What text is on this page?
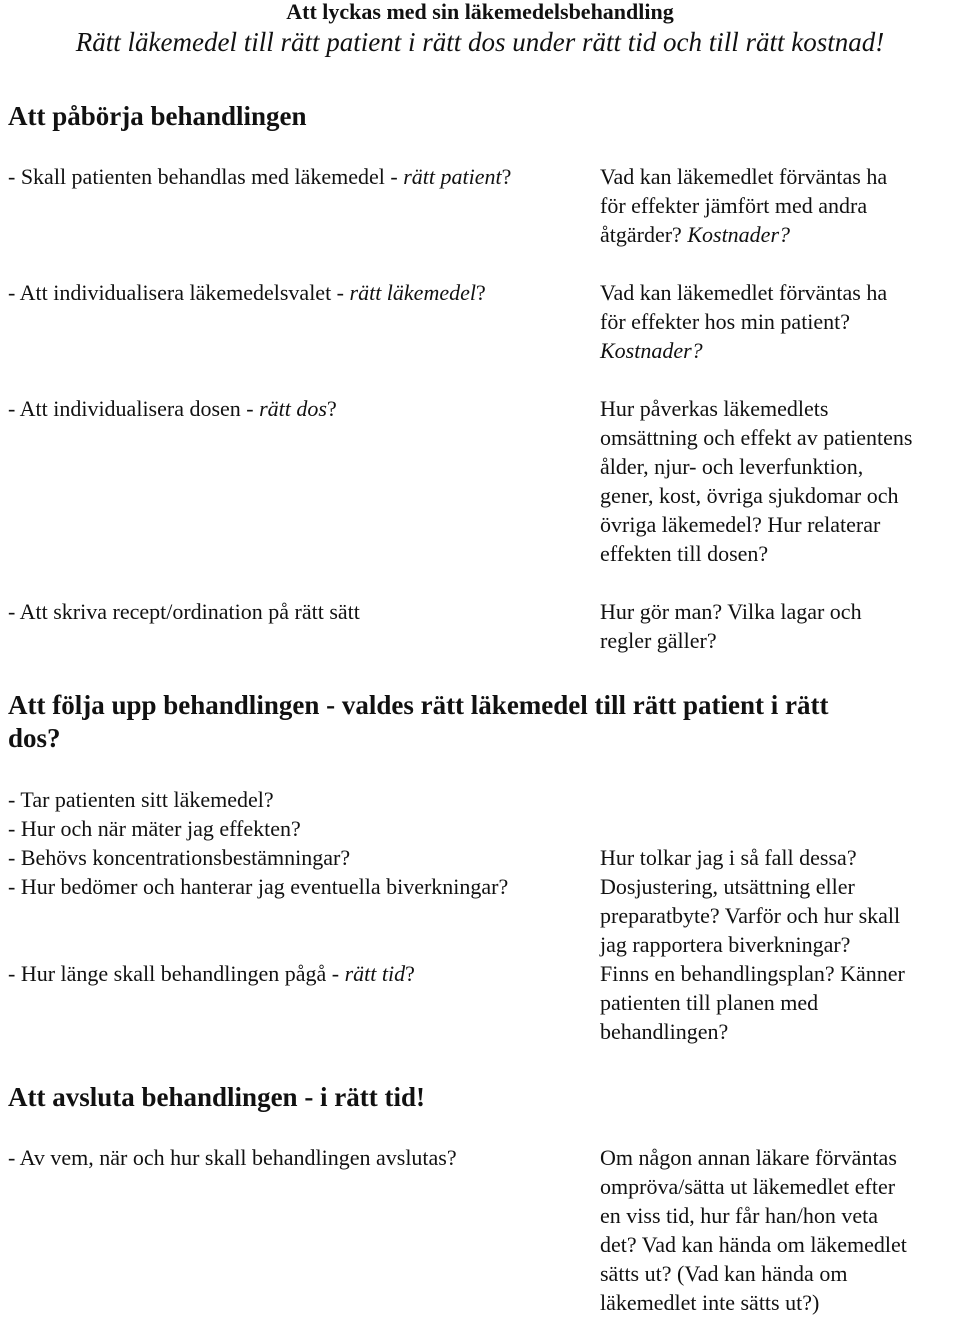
Att lyckas med sin läkemedelsbehandling
Rätt läkemedel till rätt patient i rätt dos under rätt tid och till rätt kostnad!
Att påbörja behandlingen
- Skall patienten behandlas med läkemedel - rätt patient?	Vad kan läkemedlet förväntas ha
för effekter jämfört med andra
åtgärder? Kostnader?
- Att individualisera läkemedelsvalet - rätt läkemedel?	Vad kan läkemedlet förväntas ha
för effekter hos min patient?
Kostnader?
- Att individualisera dosen - rätt dos?	Hur påverkas läkemedlets
omsättning och effekt av patientens
ålder, njur- och leverfunktion,
gener, kost, övriga sjukdomar och
övriga läkemedel? Hur relaterar
effekten till dosen?
- Att skriva recept/ordination på rätt sätt	Hur gör man? Vilka lagar och
regler gäller?
Att följa upp behandlingen - valdes rätt läkemedel till rätt patient i rätt
dos?
- Tar patienten sitt läkemedel?
- Hur och när mäter jag effekten?
- Behövs koncentrationsbestämningar?	Hur tolkar jag i så fall dessa?
- Hur bedömer och hanterar jag eventuella biverkningar?	Dosjustering, utsättning eller
preparatbyte? Varför och hur skall
jag rapportera biverkningar?
- Hur länge skall behandlingen pågå - rätt tid?	Finns en behandlingsplan? Känner
patienten till planen med
behandlingen?
Att avsluta behandlingen - i rätt tid!
- Av vem, när och hur skall behandlingen avslutas?	Om någon annan läkare förväntas
ompröva/sätta ut läkemedlet efter
en viss tid, hur får han/hon veta
det? Vad kan hända om läkemedlet
sätts ut? (Vad kan hända om
läkemedlet inte sätts ut?)
